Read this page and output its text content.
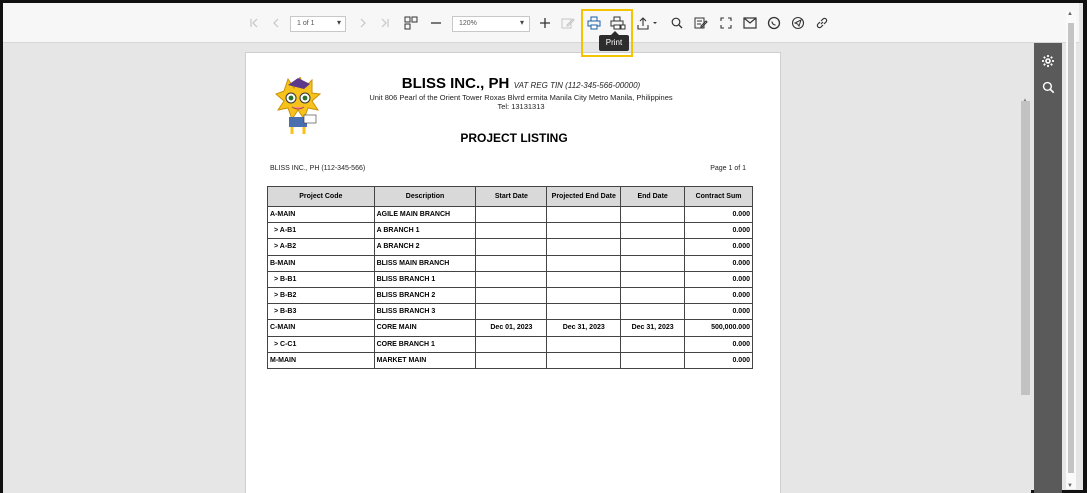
1 of 1	▾	120%	▾
BLISS INC., PH VAT REG TIN (112-345-566-00000)
Unit 806 Pearl of the Orient Tower Roxas Blvrd ermita Manila City Metro Manila, Philippines
Tel: 13131313
PROJECT LISTING
BLISS INC., PH (112-345-566)	Page 1 of 1
Project Code	Description	Start Date	Projected End Date	End Date	Contract Sum
A-MAIN	AGILE MAIN BRANCH				0.000
> A-B1	A BRANCH 1				0.000
> A-B2	A BRANCH 2				0.000
B-MAIN	BLISS MAIN BRANCH				0.000
> B-B1	BLISS BRANCH 1				0.000
> B-B2	BLISS BRANCH 2				0.000
> B-B3	BLISS BRANCH 3				0.000
C-MAIN	CORE MAIN	Dec 01, 2023	Dec 31, 2023	Dec 31, 2023	500,000.000
> C-C1	CORE BRANCH 1				0.000
M-MAIN	MARKET MAIN				0.000
Print
▲
▼
